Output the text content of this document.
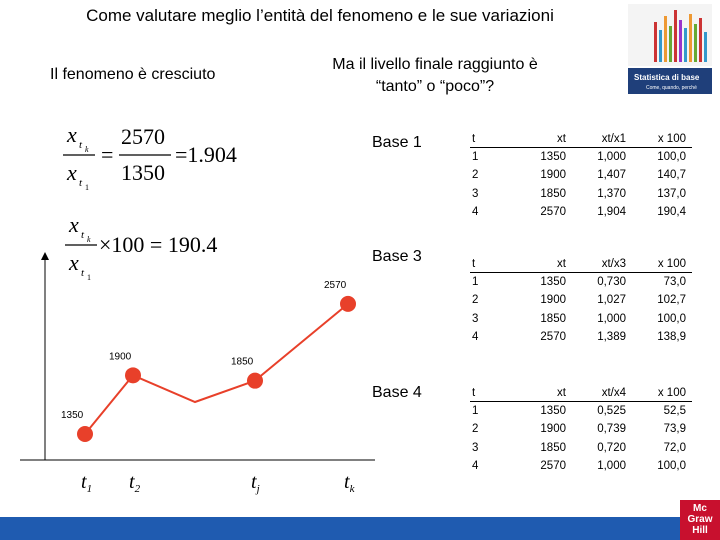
Come valutare meglio l’entità del fenomeno e le sue variazioni
Statistica di base
Come, quando, perché
Il fenomeno è cresciuto
Ma il livello finale raggiunto è
“tanto” o “poco”?
x t k
x t 1
=
2570
1350
=1.904
x t k
x t 1
×100 = 190.4
1350
$t_1$
1900
$t_2$
1850
$t_j$
2570
$t_k$
Base 1
Base 3
Base 4
t	xt	xt/x1	x 100
1	1350	1,000	100,0
2	1900	1,407	140,7
3	1850	1,370	137,0
4	2570	1,904	190,4
t	xt	xt/x3	x 100
1	1350	0,730	73,0
2	1900	1,027	102,7
3	1850	1,000	100,0
4	2570	1,389	138,9
t	xt	xt/x4	x 100
1	1350	0,525	52,5
2	1900	0,739	73,9
3	1850	0,720	72,0
4	2570	1,000	100,0
Mc
Graw
Hill
